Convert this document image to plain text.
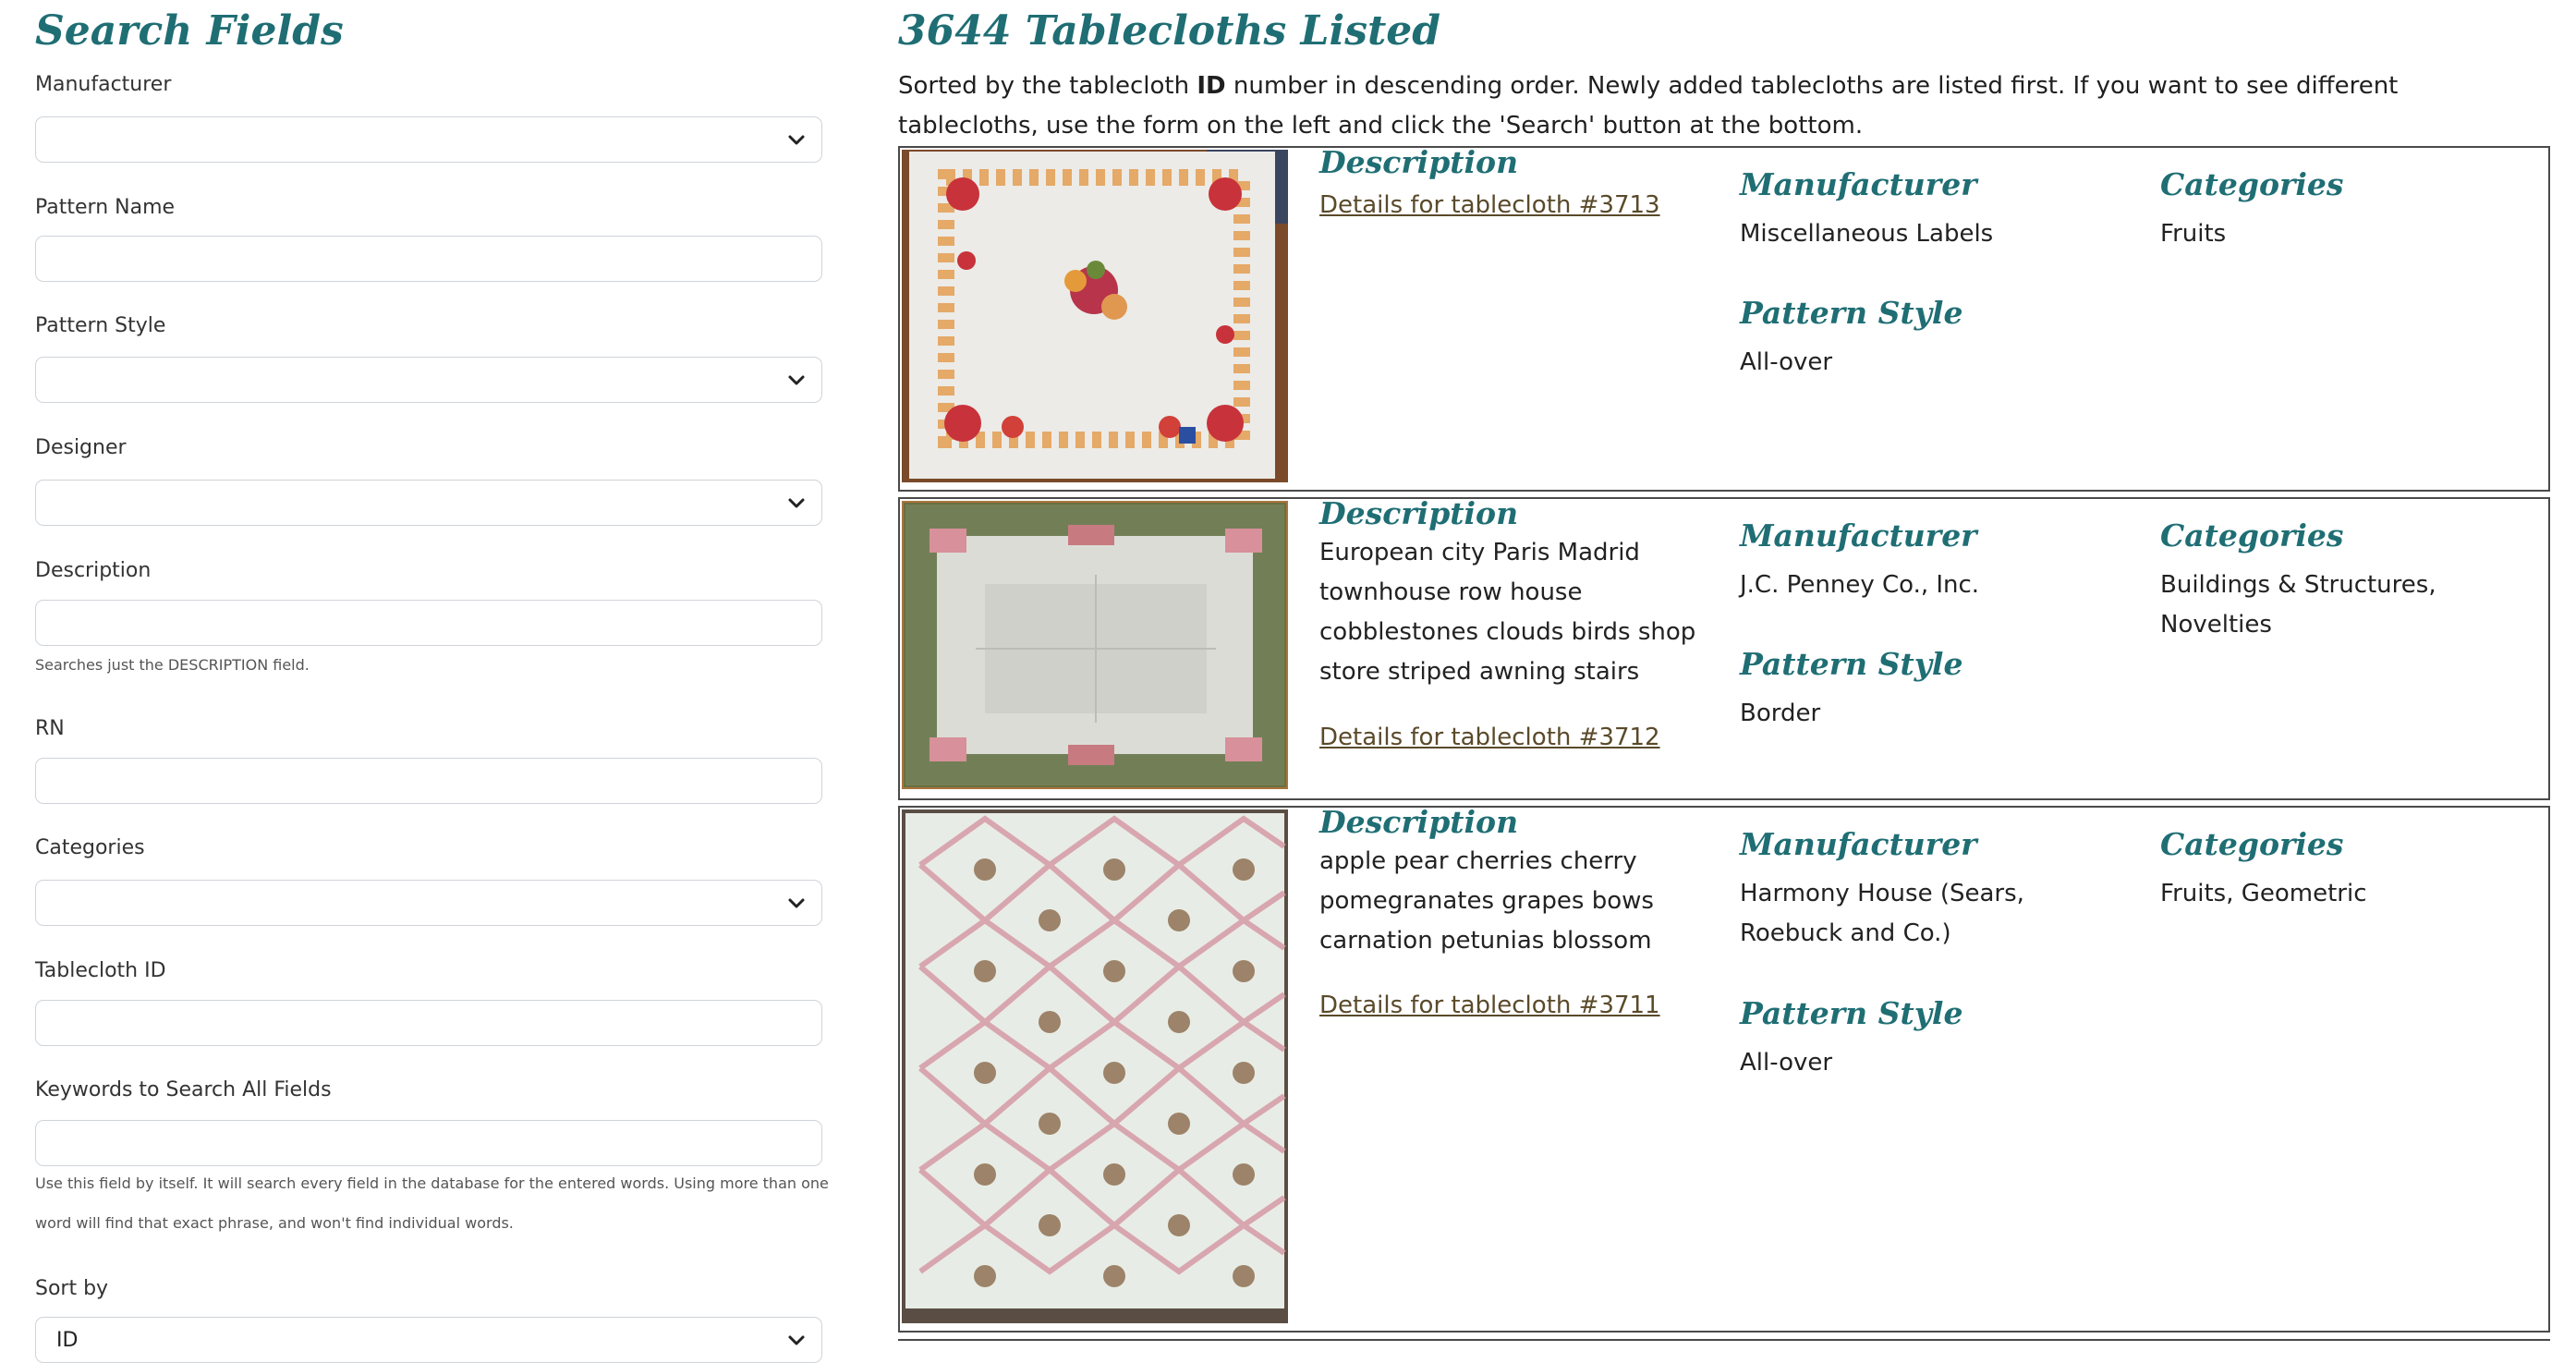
Search Fields
Manufacturer
Pattern Name
Pattern Style
Designer
Description
Searches just the DESCRIPTION field.
RN
Categories
Tablecloth ID
Keywords to Search All Fields
Use this field by itself. It will search every field in the database for the entered words. Using more than one
word will find that exact phrase, and won't find individual words.
Sort by
ID
3644 Tablecloths Listed
Sorted by the tablecloth ID number in descending order. Newly added tablecloths are listed first. If you want to see different tablecloths, use the form on the left and click the 'Search' button at the bottom.
Description
Details for tablecloth #3713
Manufacturer
Miscellaneous Labels
Pattern Style
All-over
Categories
Fruits
Description
European city Paris Madrid townhouse row house cobblestones clouds birds shop store striped awning stairs
Details for tablecloth #3712
Manufacturer
J.C. Penney Co., Inc.
Pattern Style
Border
Categories
Buildings & Structures, Novelties
Description
apple pear cherries cherry pomegranates grapes bows carnation petunias blossom
Details for tablecloth #3711
Manufacturer
Harmony House (Sears, Roebuck and Co.)
Pattern Style
All-over
Categories
Fruits, Geometric
